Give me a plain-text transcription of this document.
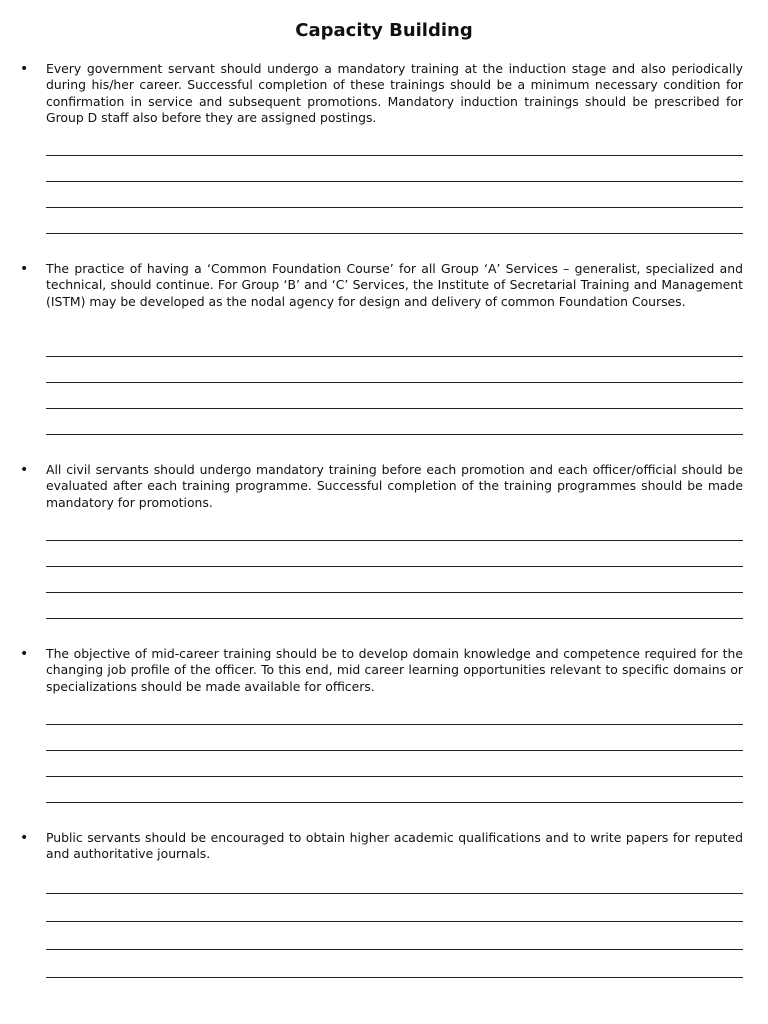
Capacity Building
• Every government servant should undergo a mandatory training at the induction stage and also periodically during his/her career. Successful completion of these trainings should be a minimum necessary condition for confirmation in service and subsequent promotions. Mandatory induction trainings should be prescribed for Group D staff also before they are assigned postings.

• The practice of having a ‘Common Foundation Course’ for all Group ‘A’ Services – generalist, specialized and technical, should continue. For Group ‘B’ and ‘C’ Services, the Institute of Secretarial Training and Management (ISTM) may be developed as the nodal agency for design and delivery of common Foundation Courses.

• All civil servants should undergo mandatory training before each promotion and each officer/official should be evaluated after each training programme. Successful completion of the training programmes should be made mandatory for promotions.

• The objective of mid-career training should be to develop domain knowledge and competence required for the changing job profile of the officer. To this end, mid career learning opportunities relevant to specific domains or specializations should be made available for officers.

• Public servants should be encouraged to obtain higher academic qualifications and to write papers for reputed and authoritative journals.
